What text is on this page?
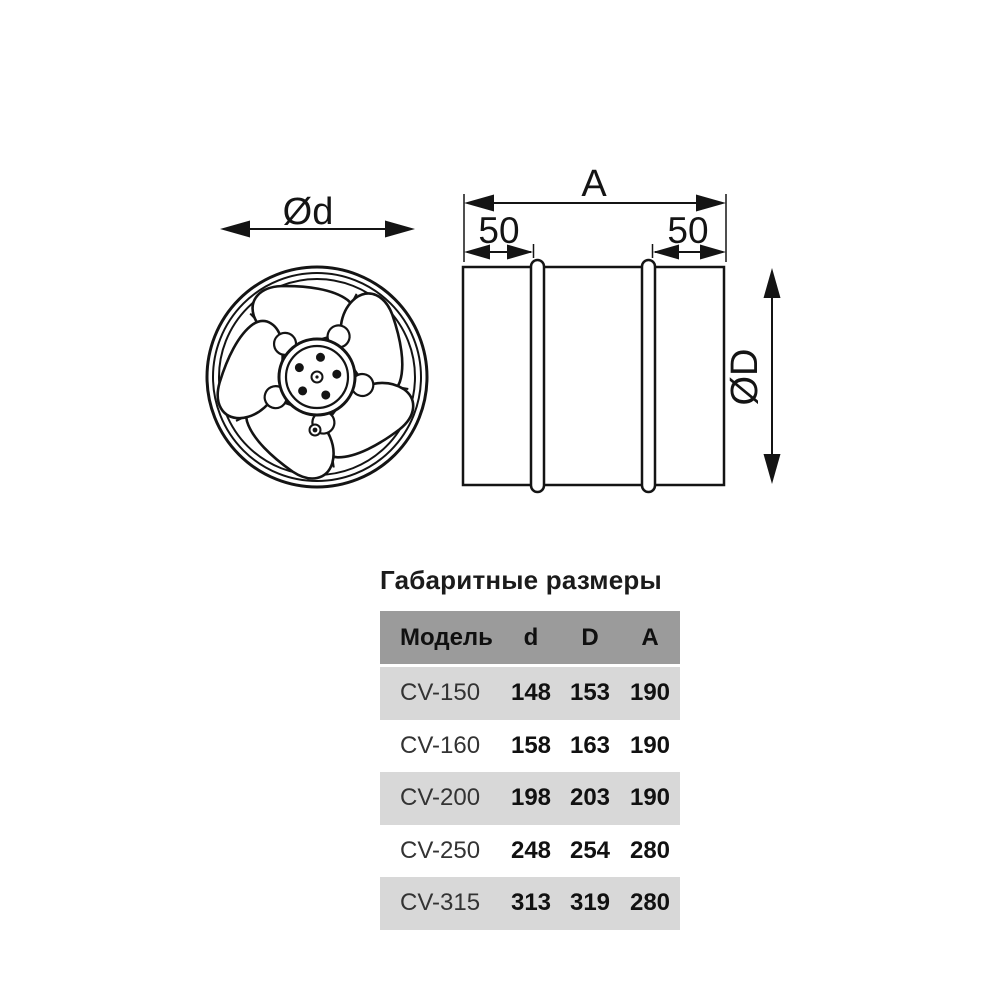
Ød
A
50	50
ØD
Габаритные размеры
Модель	d	D	A
CV-150	148 153 190
CV-160	158 163 190
CV-200	198 203 190
CV-250	248 254 280
CV-315	313 319 280
